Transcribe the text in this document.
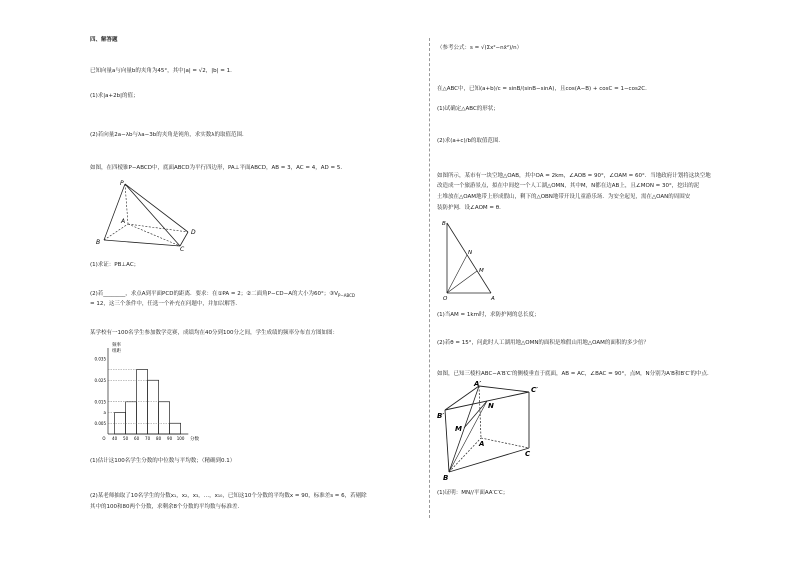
四、解答题
已知向量a与向量b的夹角为45°，其中|a| = √2，|b| = 1.
(1)求|a+2b|的值；
(2)若向量2a−λb与λa−3b的夹角是钝角，求实数λ的取值范围．
如图，在四棱锥P−ABCD中，底面ABCD为平行四边形，PA⊥平面ABCD，AB = 3，AC = 4，AD = 5．
P
A
B
C
D
(1)求证：PB⊥AC；
(2)若________，求点A到平面PCD的距离．要求：在①PA = 2；②二面角P−CD−A的大小为60°；$③V_{P-ABCD}$
= 12，这三个条件中，任选一个补充在问题中，并加以解答．
某学校有一100名学生参加数学竞赛，成绩均在40分到100分之间，学生成绩的频率分布直方图如图：
频率
组距
分数
0.035
0.025
0.015
a
0.005
40 50 60 70 80 90 100
O
(1)估计这100名学生分数的中位数与平均数；（精确到0.1）
(2)某老师抽取了10名学生的分数x₁，x₂，x₃，…，x₁₀，已知这10个分数的平均数x = 90，标准差s = 6，若剔除
其中的100和80两个分数，求剩余8个分数的平均数与标准差．
（参考公式：s = √(Σx²−nx̄²)/n）
在△ABC中，已知(a+b)/c = sinB/(sinB−sinA)，且cos(A−B) + cosC = 1−cos2C．
(1)试确定△ABC的形状；
(2)求(a+c)/b的取值范围．
如图所示，某市有一块空地△OAB，其中OA = 2km，∠AOB = 90°，∠OAM = 60°．当地政府计划将这块空地
改造成一个旅游景点，拟在中间挖一个人工湖△OMN，其中M，N都在边AB上，且∠MON = 30°，挖出的泥
土堆放在△OAM地带上形成假山，剩下的△OBN地带开设儿童游乐场．为安全起见，需在△OAN的周围安
装防护网．设∠AOM = θ．
B
N
M
O	A
(1)当AM = 1km时，求防护网的总长度；
(2)若θ = 15°，问此时人工湖用地△OMN的面积是堆假山用地△OAM的面积的多少倍？
如图，已知三棱柱ABC−A′B′C′的侧棱垂直于底面，AB = AC，∠BAC = 90°，点M，N分别为A′B和B′C′的中点．
A′
B′
C′
M
N
A
B
C
(1)证明：MN//平面AA′C′C；
